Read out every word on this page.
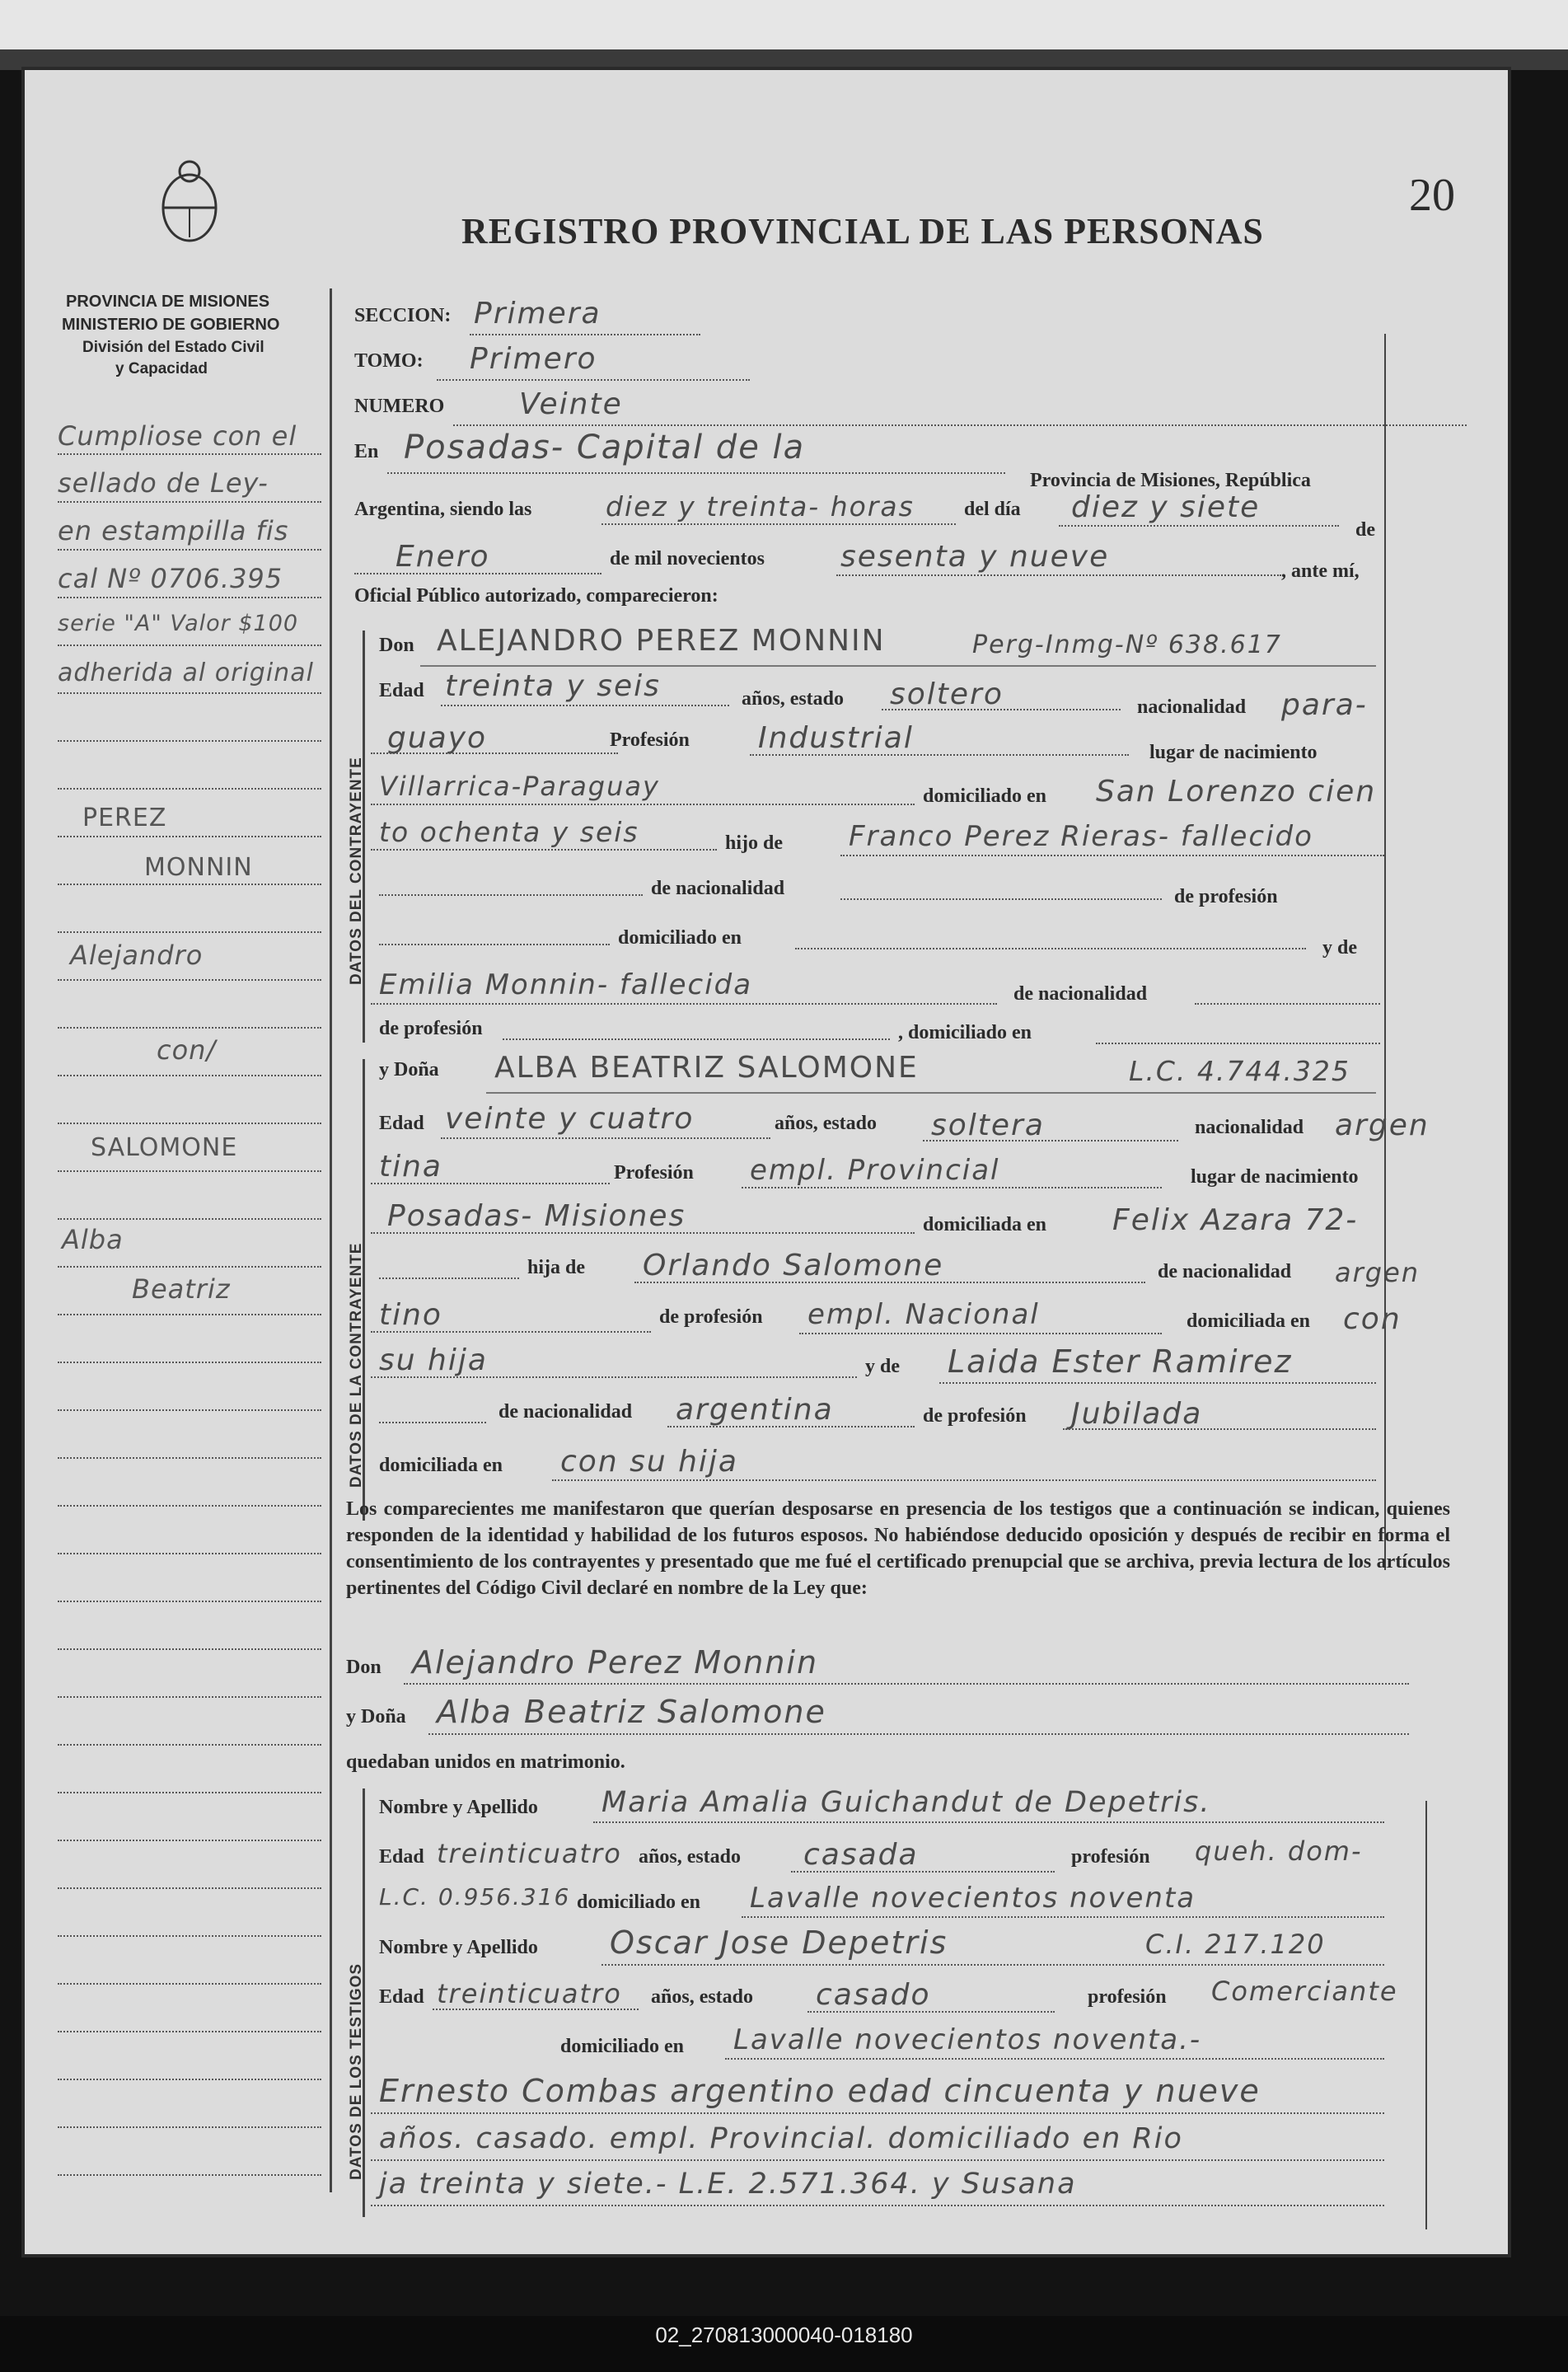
PROVINCIA DE MISIONES
MINISTERIO DE GOBIERNO
División del Estado Civil
y Capacidad
REGISTRO PROVINCIAL DE LAS PERSONAS
20
Cumpliose con el
sellado de Ley-
en estampilla fis
cal Nº 0706.395
serie "A" Valor $100
adherida al original
PEREZ
MONNIN
Alejandro
con/
SALOMONE
Alba
Beatriz
SECCION: Primera
TOMO: Primero
NUMERO	Veinte
En Posadas- Capital de la
Provincia de Misiones, República
Argentina, siendo las	diez y treinta- horas	del día diez y siete
de
Enero	de mil novecientos	sesenta y nueve	, ante mí,
Oficial Público autorizado, comparecieron:
DATOS DEL CONTRAYENTE
Don ALEJANDRO PEREZ MONNIN	Perg-Inmg-Nº 638.617
Edad treinta y seis	años, estado soltero	nacionalidad para-
guayo	Profesión Industrial	lugar de nacimiento
Villarrica-Paraguay	domiciliado en San Lorenzo cien
to ochenta y seis	hijo de Franco Perez Rieras- fallecido
de nacionalidad	de profesión
domiciliado en	y de
Emilia Monnin- fallecida	de nacionalidad
de profesión	, domiciliado en
DATOS DE LA CONTRAYENTE
y Doña ALBA BEATRIZ SALOMONE	L.C. 4.744.325
Edad veinte y cuatro	años, estado soltera	nacionalidad argen
tina	Profesión empl. Provincial	lugar de nacimiento
Posadas- Misiones	domiciliada en Felix Azara 72-
hija de Orlando Salomone	de nacionalidad argen
tino	de profesión empl. Nacional	domiciliada en con
su hija	y de Laida Ester Ramirez
de nacionalidad argentina	de profesión Jubilada
domiciliada en con su hija
Los comparecientes me manifestaron que querían desposarse en presencia de los testigos que a continuación se indican, quienes responden de la identidad y habilidad de los futuros esposos. No habiéndose deducido oposición y después de recibir en forma el consentimiento de los contrayentes y presentado que me fué el certificado prenupcial que se archiva, previa lectura de los artículos pertinentes del Código Civil declaré en nombre de la Ley que:
Don Alejandro Perez Monnin
y Doña Alba Beatriz Salomone
quedaban unidos en matrimonio.
DATOS DE LOS TESTIGOS
Nombre y Apellido Maria Amalia Guichandut de Depetris.
Edad treinticuatro años, estado casada	profesión queh. dom-
L.C. 0.956.316 domiciliado en Lavalle novecientos noventa
Nombre y Apellido Oscar Jose Depetris	C.I. 217.120
Edad treinticuatro años, estado casado	profesión Comerciante
domiciliado en Lavalle novecientos noventa.-
Ernesto Combas argentino edad cincuenta y nueve
años. casado. empl. Provincial. domiciliado en Rio
ja treinta y siete.- L.E. 2.571.364. y Susana
02_270813000040-018180
